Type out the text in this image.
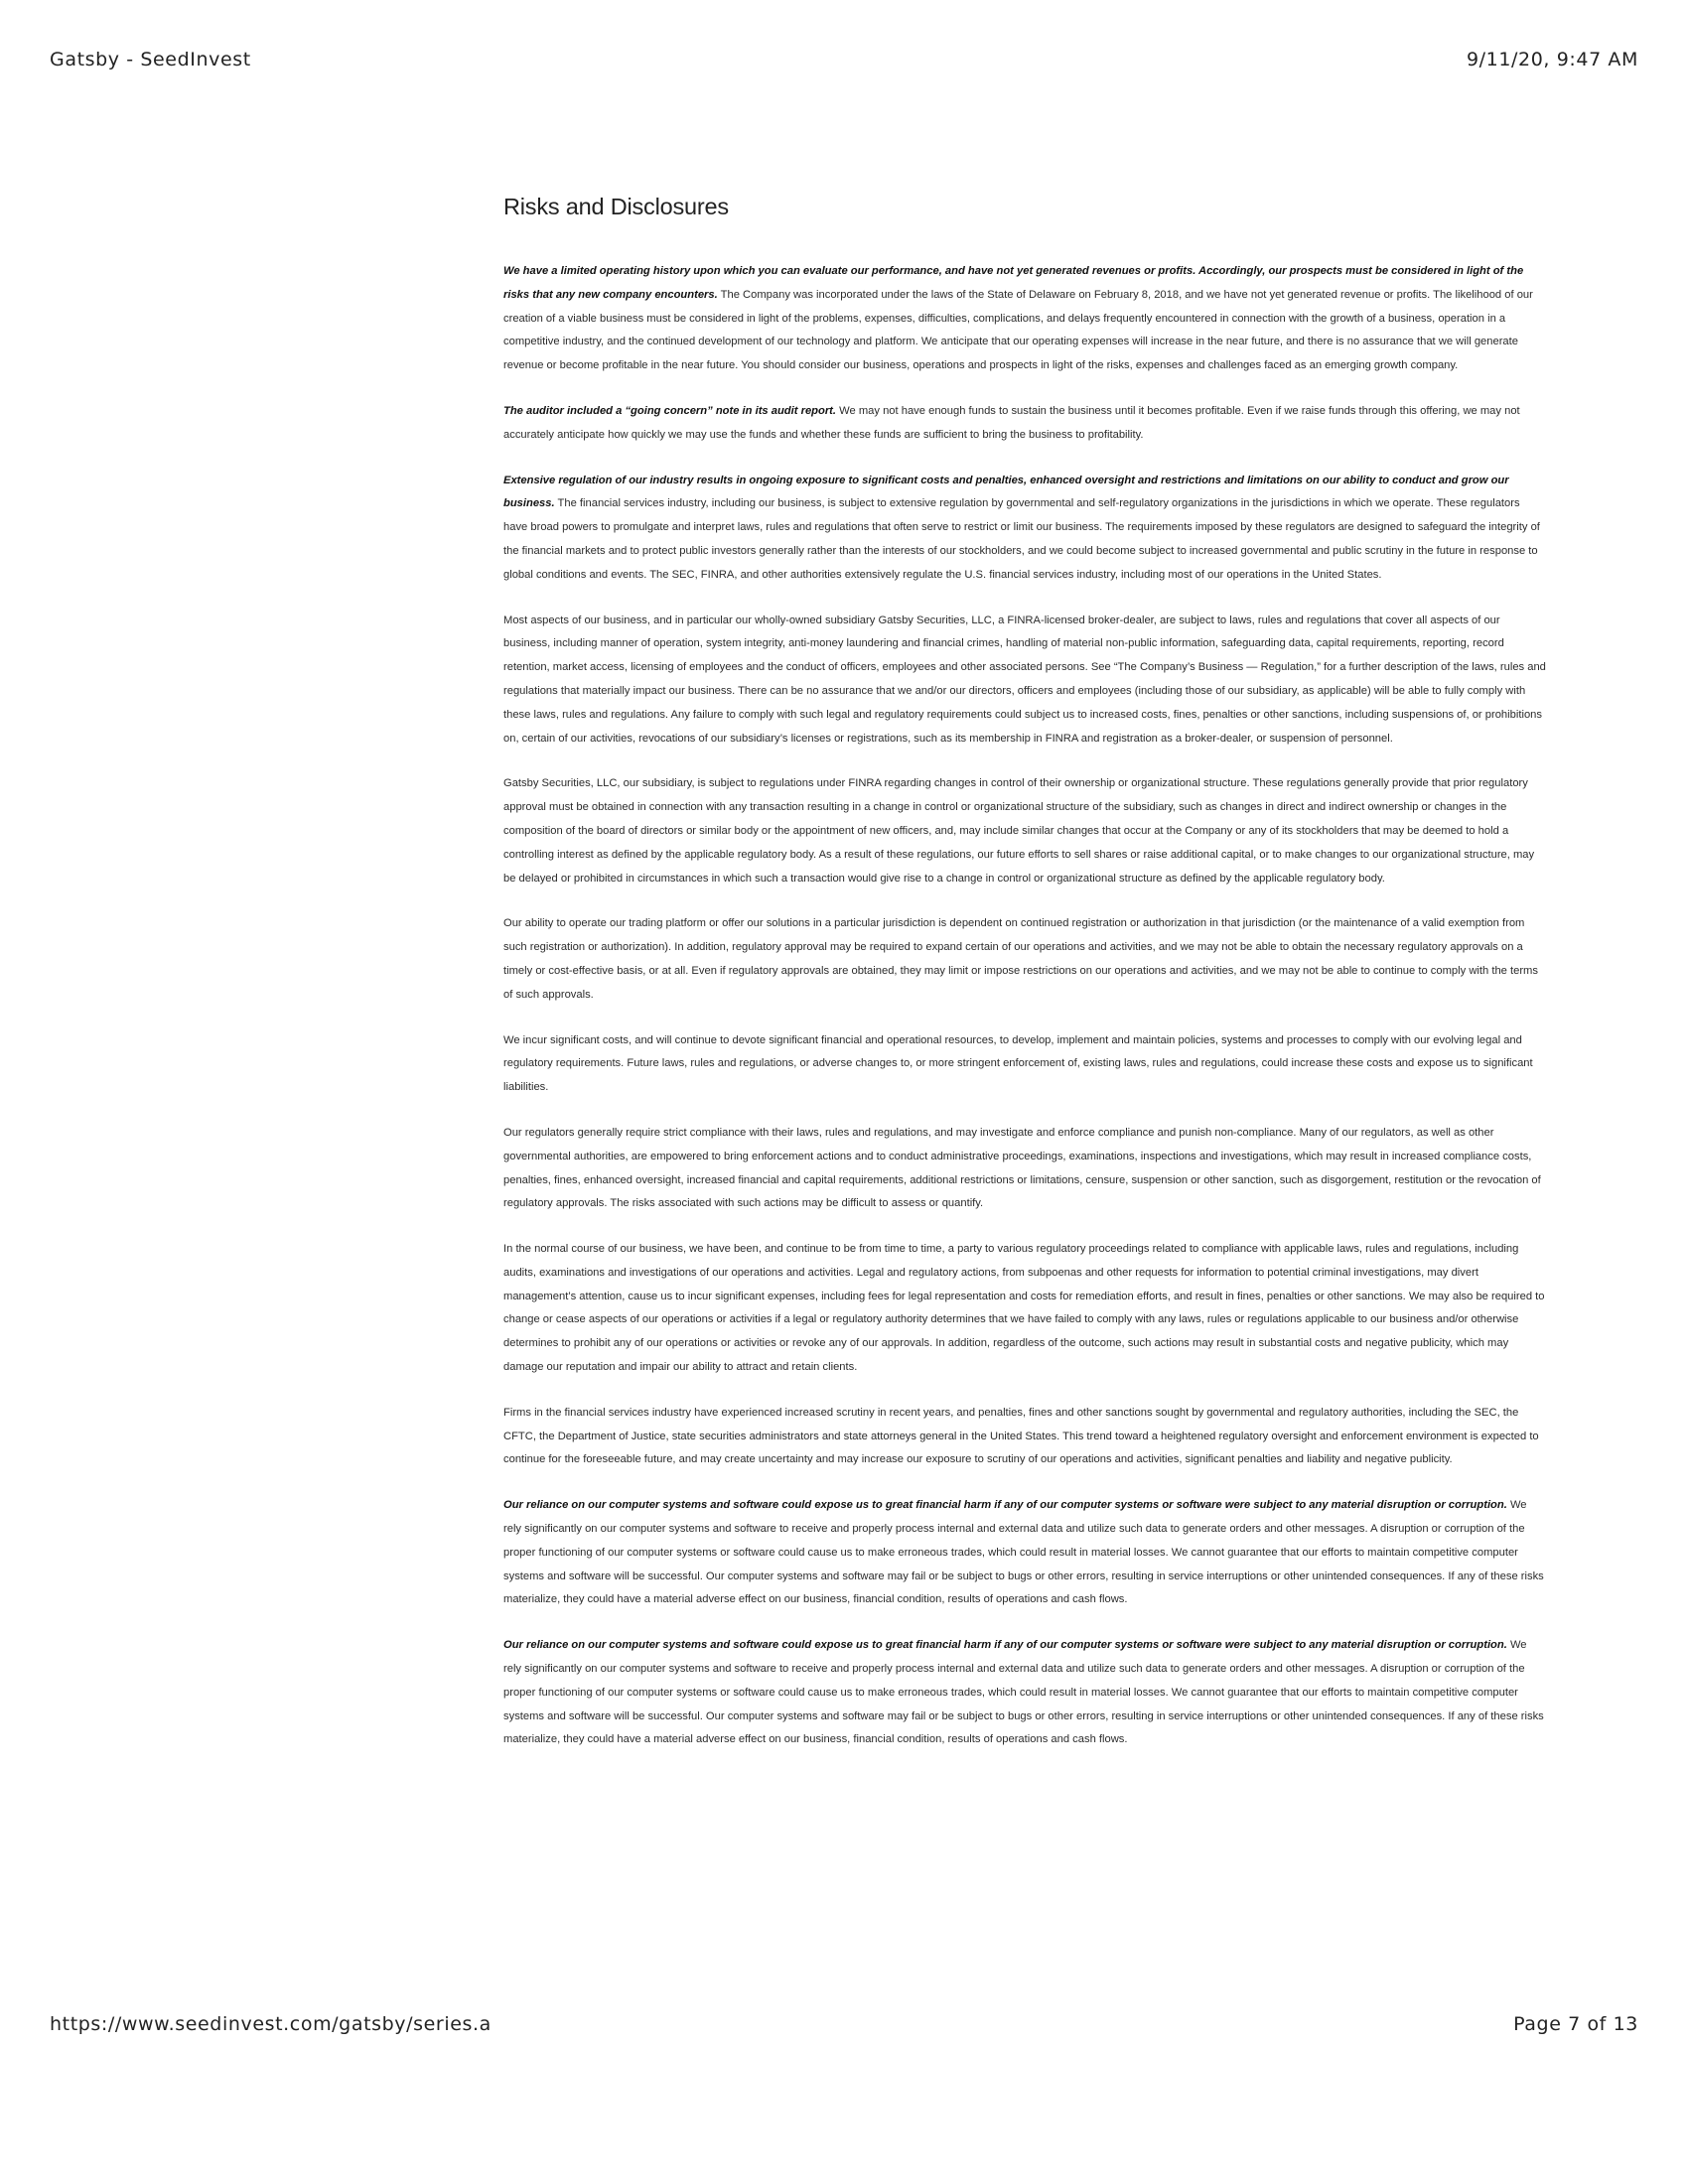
Gatsby - SeedInvest	9/11/20, 9:47 AM
Risks and Disclosures

We have a limited operating history upon which you can evaluate our performance, and have not yet generated revenues or profits. Accordingly, our prospects must be considered in light of the risks that any new company encounters. The Company was incorporated under the laws of the State of Delaware on February 8, 2018, and we have not yet generated revenue or profits. The likelihood of our creation of a viable business must be considered in light of the problems, expenses, difficulties, complications, and delays frequently encountered in connection with the growth of a business, operation in a competitive industry, and the continued development of our technology and platform. We anticipate that our operating expenses will increase in the near future, and there is no assurance that we will generate revenue or become profitable in the near future. You should consider our business, operations and prospects in light of the risks, expenses and challenges faced as an emerging growth company.

The auditor included a “going concern” note in its audit report. We may not have enough funds to sustain the business until it becomes profitable. Even if we raise funds through this offering, we may not accurately anticipate how quickly we may use the funds and whether these funds are sufficient to bring the business to profitability.

Extensive regulation of our industry results in ongoing exposure to significant costs and penalties, enhanced oversight and restrictions and limitations on our ability to conduct and grow our business. The financial services industry, including our business, is subject to extensive regulation by governmental and self-regulatory organizations in the jurisdictions in which we operate. These regulators have broad powers to promulgate and interpret laws, rules and regulations that often serve to restrict or limit our business. The requirements imposed by these regulators are designed to safeguard the integrity of the financial markets and to protect public investors generally rather than the interests of our stockholders, and we could become subject to increased governmental and public scrutiny in the future in response to global conditions and events. The SEC, FINRA, and other authorities extensively regulate the U.S. financial services industry, including most of our operations in the United States.

Most aspects of our business, and in particular our wholly-owned subsidiary Gatsby Securities, LLC, a FINRA-licensed broker-dealer, are subject to laws, rules and regulations that cover all aspects of our business, including manner of operation, system integrity, anti-money laundering and financial crimes, handling of material non-public information, safeguarding data, capital requirements, reporting, record retention, market access, licensing of employees and the conduct of officers, employees and other associated persons. See “The Company’s Business — Regulation,” for a further description of the laws, rules and regulations that materially impact our business. There can be no assurance that we and/or our directors, officers and employees (including those of our subsidiary, as applicable) will be able to fully comply with these laws, rules and regulations. Any failure to comply with such legal and regulatory requirements could subject us to increased costs, fines, penalties or other sanctions, including suspensions of, or prohibitions on, certain of our activities, revocations of our subsidiary’s licenses or registrations, such as its membership in FINRA and registration as a broker-dealer, or suspension of personnel.

Gatsby Securities, LLC, our subsidiary, is subject to regulations under FINRA regarding changes in control of their ownership or organizational structure. These regulations generally provide that prior regulatory approval must be obtained in connection with any transaction resulting in a change in control or organizational structure of the subsidiary, such as changes in direct and indirect ownership or changes in the composition of the board of directors or similar body or the appointment of new officers, and, may include similar changes that occur at the Company or any of its stockholders that may be deemed to hold a controlling interest as defined by the applicable regulatory body. As a result of these regulations, our future efforts to sell shares or raise additional capital, or to make changes to our organizational structure, may be delayed or prohibited in circumstances in which such a transaction would give rise to a change in control or organizational structure as defined by the applicable regulatory body.

Our ability to operate our trading platform or offer our solutions in a particular jurisdiction is dependent on continued registration or authorization in that jurisdiction (or the maintenance of a valid exemption from such registration or authorization). In addition, regulatory approval may be required to expand certain of our operations and activities, and we may not be able to obtain the necessary regulatory approvals on a timely or cost-effective basis, or at all. Even if regulatory approvals are obtained, they may limit or impose restrictions on our operations and activities, and we may not be able to continue to comply with the terms of such approvals.

We incur significant costs, and will continue to devote significant financial and operational resources, to develop, implement and maintain policies, systems and processes to comply with our evolving legal and regulatory requirements. Future laws, rules and regulations, or adverse changes to, or more stringent enforcement of, existing laws, rules and regulations, could increase these costs and expose us to significant liabilities.

Our regulators generally require strict compliance with their laws, rules and regulations, and may investigate and enforce compliance and punish non-compliance. Many of our regulators, as well as other governmental authorities, are empowered to bring enforcement actions and to conduct administrative proceedings, examinations, inspections and investigations, which may result in increased compliance costs, penalties, fines, enhanced oversight, increased financial and capital requirements, additional restrictions or limitations, censure, suspension or other sanction, such as disgorgement, restitution or the revocation of regulatory approvals. The risks associated with such actions may be difficult to assess or quantify.

In the normal course of our business, we have been, and continue to be from time to time, a party to various regulatory proceedings related to compliance with applicable laws, rules and regulations, including audits, examinations and investigations of our operations and activities. Legal and regulatory actions, from subpoenas and other requests for information to potential criminal investigations, may divert management’s attention, cause us to incur significant expenses, including fees for legal representation and costs for remediation efforts, and result in fines, penalties or other sanctions. We may also be required to change or cease aspects of our operations or activities if a legal or regulatory authority determines that we have failed to comply with any laws, rules or regulations applicable to our business and/or otherwise determines to prohibit any of our operations or activities or revoke any of our approvals. In addition, regardless of the outcome, such actions may result in substantial costs and negative publicity, which may damage our reputation and impair our ability to attract and retain clients.

Firms in the financial services industry have experienced increased scrutiny in recent years, and penalties, fines and other sanctions sought by governmental and regulatory authorities, including the SEC, the CFTC, the Department of Justice, state securities administrators and state attorneys general in the United States. This trend toward a heightened regulatory oversight and enforcement environment is expected to continue for the foreseeable future, and may create uncertainty and may increase our exposure to scrutiny of our operations and activities, significant penalties and liability and negative publicity.

Our reliance on our computer systems and software could expose us to great financial harm if any of our computer systems or software were subject to any material disruption or corruption. We rely significantly on our computer systems and software to receive and properly process internal and external data and utilize such data to generate orders and other messages. A disruption or corruption of the proper functioning of our computer systems or software could cause us to make erroneous trades, which could result in material losses. We cannot guarantee that our efforts to maintain competitive computer systems and software will be successful. Our computer systems and software may fail or be subject to bugs or other errors, resulting in service interruptions or other unintended consequences. If any of these risks materialize, they could have a material adverse effect on our business, financial condition, results of operations and cash flows.

Our reliance on our computer systems and software could expose us to great financial harm if any of our computer systems or software were subject to any material disruption or corruption. We rely significantly on our computer systems and software to receive and properly process internal and external data and utilize such data to generate orders and other messages. A disruption or corruption of the proper functioning of our computer systems or software could cause us to make erroneous trades, which could result in material losses. We cannot guarantee that our efforts to maintain competitive computer systems and software will be successful. Our computer systems and software may fail or be subject to bugs or other errors, resulting in service interruptions or other unintended consequences. If any of these risks materialize, they could have a material adverse effect on our business, financial condition, results of operations and cash flows.

https://www.seedinvest.com/gatsby/series.a	Page 7 of 13
